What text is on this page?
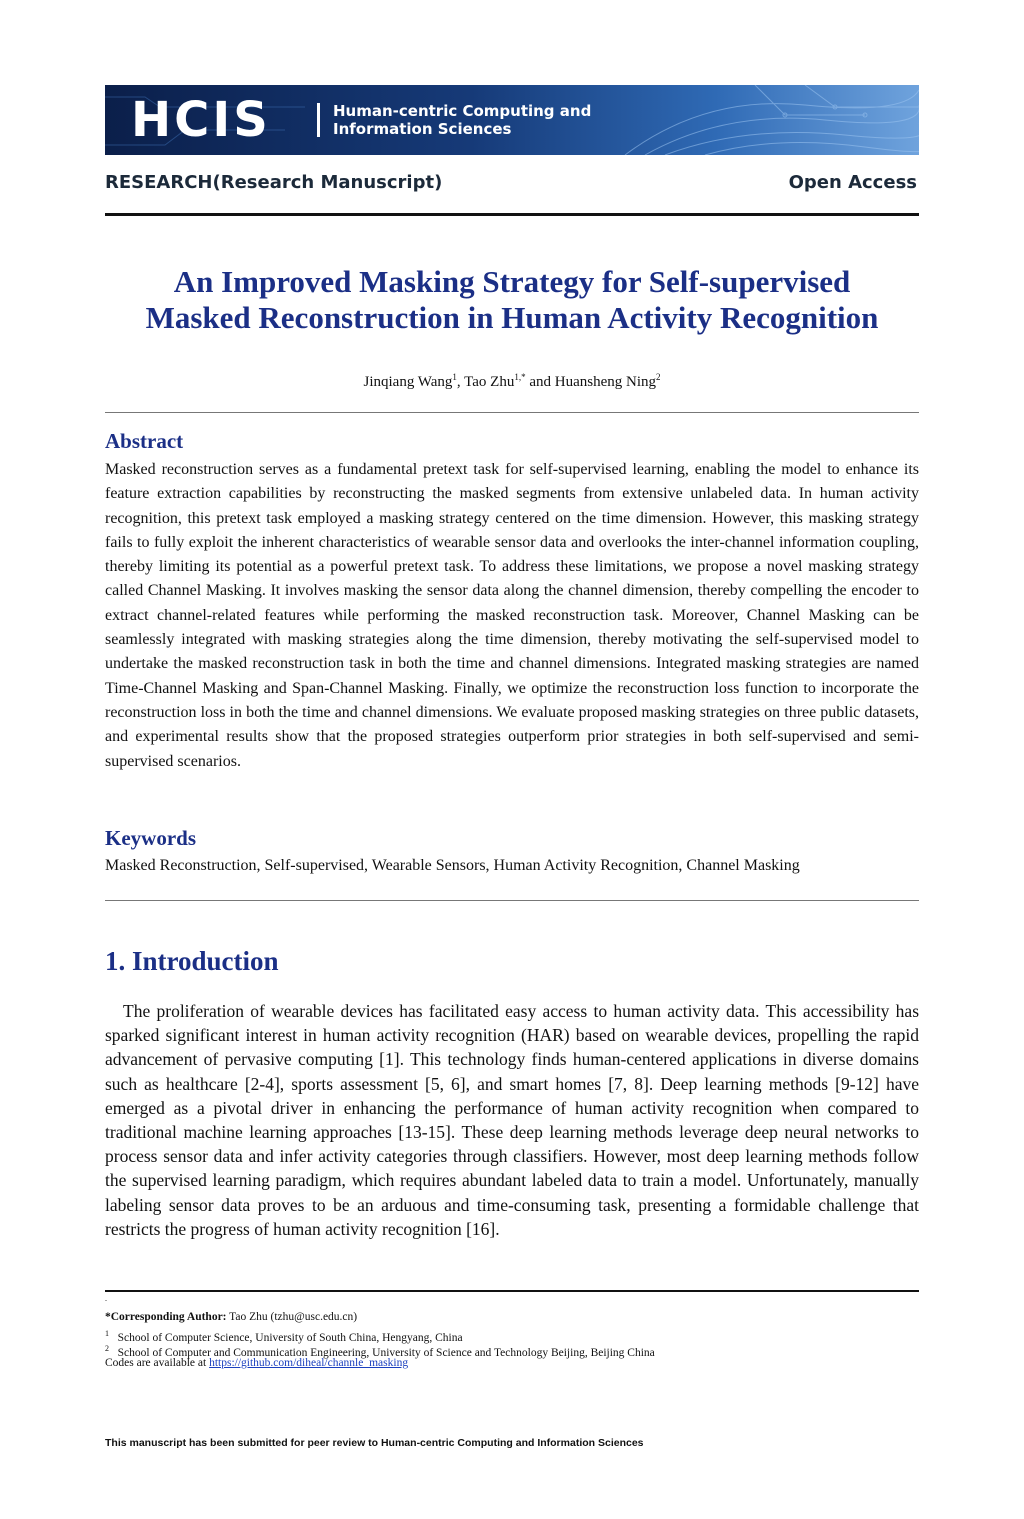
HCIS	Human-centric Computing and
Information Sciences
RESEARCH(Research Manuscript)	Open Access
An Improved Masking Strategy for Self-supervised
Masked Reconstruction in Human Activity Recognition
Jinqiang Wang$^1$, Tao Zhu$^{1,*}$ and Huansheng Ning$^2$
Abstract
Masked reconstruction serves as a fundamental pretext task for self-supervised learning, enabling the model to enhance its feature extraction capabilities by reconstructing the masked segments from extensive unlabeled data. In human activity recognition, this pretext task employed a masking strategy centered on the time dimension. However, this masking strategy fails to fully exploit the inherent characteristics of wearable sensor data and overlooks the inter-channel information coupling, thereby limiting its potential as a powerful pretext task. To address these limitations, we propose a novel masking strategy called Channel Masking. It involves masking the sensor data along the channel dimension, thereby compelling the encoder to extract channel-related features while performing the masked reconstruction task. Moreover, Channel Masking can be seamlessly integrated with masking strategies along the time dimension, thereby motivating the self-supervised model to undertake the masked reconstruction task in both the time and channel dimensions. Integrated masking strategies are named Time-Channel Masking and Span-Channel Masking. Finally, we optimize the reconstruction loss function to incorporate the reconstruction loss in both the time and channel dimensions. We evaluate proposed masking strategies on three public datasets, and experimental results show that the proposed strategies outperform prior strategies in both self-supervised and semi-supervised scenarios.
Keywords
Masked Reconstruction, Self-supervised, Wearable Sensors, Human Activity Recognition, Channel Masking
1. Introduction
The proliferation of wearable devices has facilitated easy access to human activity data. This accessibility has sparked significant interest in human activity recognition (HAR) based on wearable devices, propelling the rapid advancement of pervasive computing [1]. This technology finds human-centered applications in diverse domains such as healthcare [2-4], sports assessment [5, 6], and smart homes [7, 8]. Deep learning methods [9-12] have emerged as a pivotal driver in enhancing the performance of human activity recognition when compared to traditional machine learning approaches [13-15]. These deep learning methods leverage deep neural networks to process sensor data and infer activity categories through classifiers. However, most deep learning methods follow the supervised learning paradigm, which requires abundant labeled data to train a model. Unfortunately, manually labeling sensor data proves to be an arduous and time-consuming task, presenting a formidable challenge that restricts the progress of human activity recognition [16].
.
*Corresponding Author: Tao Zhu (tzhu@usc.edu.cn)
$^1$ School of Computer Science, University of South China, Hengyang, China
$^2$ School of Computer and Communication Engineering, University of Science and Technology Beijing, Beijing China
Codes are available at https://github.com/diheal/channle_masking
This manuscript has been submitted for peer review to Human-centric Computing and Information Sciences
